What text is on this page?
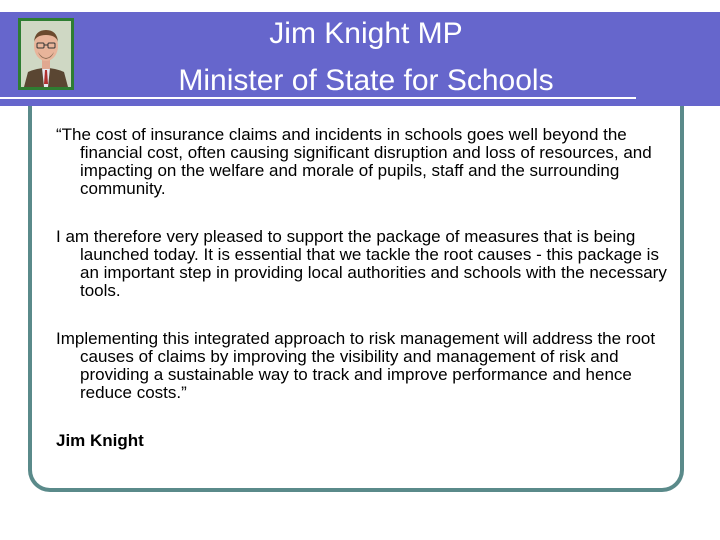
Jim Knight MP
Minister of State for Schools

“The cost of insurance claims and incidents in schools goes well beyond the financial cost, often causing significant disruption and loss of resources, and impacting on the welfare and morale of pupils, staff and the surrounding community.

I am therefore very pleased to support the package of measures that is being launched today. It is essential that we tackle the root causes - this package is an important step in providing local authorities and schools with the necessary tools.

Implementing this integrated approach to risk management will address the root causes of claims by improving the visibility and management of risk and providing a sustainable way to track and improve performance and hence reduce costs.”

Jim Knight
